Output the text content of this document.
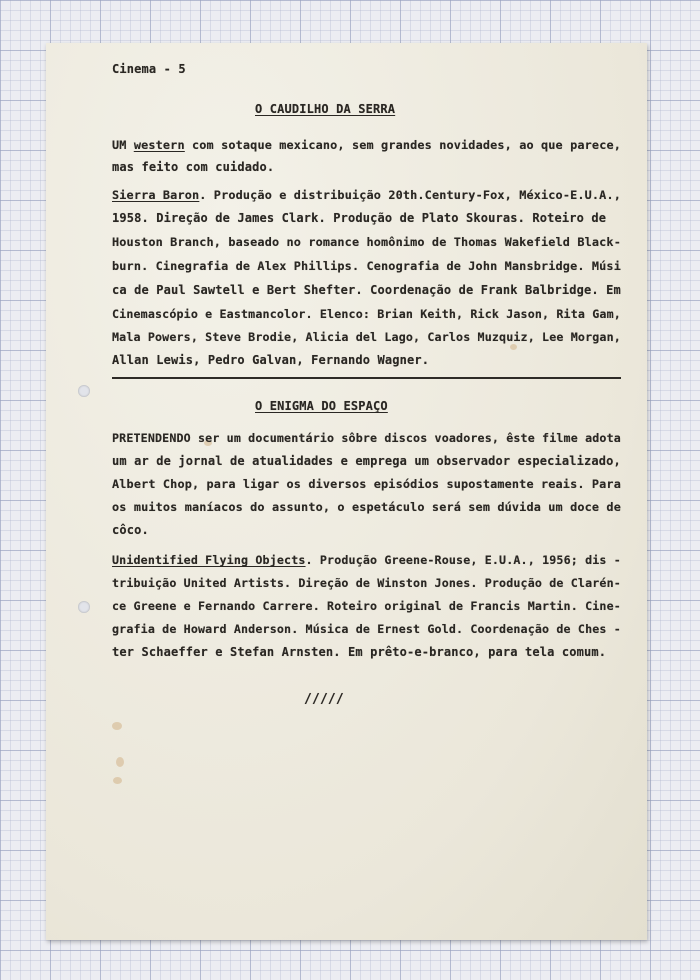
Cinema - 5
O CAUDILHO DA SERRA
UM western com sotaque mexicano, sem grandes novidades, ao que parece,
mas feito com cuidado.
Sierra Baron. Produção e distribuição 20th.Century-Fox, México-E.U.A.,
1958. Direção de James Clark. Produção de Plato Skouras. Roteiro de
Houston Branch, baseado no romance homônimo de Thomas Wakefield Black-
burn. Cinegrafia de Alex Phillips. Cenografia de John Mansbridge. Músi
ca de Paul Sawtell e Bert Shefter. Coordenação de Frank Balbridge. Em
Cinemascópio e Eastmancolor. Elenco: Brian Keith, Rick Jason, Rita Gam,
Mala Powers, Steve Brodie, Alicia del Lago, Carlos Muzquiz, Lee Morgan,
Allan Lewis, Pedro Galvan, Fernando Wagner.
O ENIGMA DO ESPAÇO
PRETENDENDO ser um documentário sôbre discos voadores, êste filme adota
um ar de jornal de atualidades e emprega um observador especializado,
Albert Chop, para ligar os diversos episódios supostamente reais. Para
os muitos maníacos do assunto, o espetáculo será sem dúvida um doce de
côco.
Unidentified Flying Objects. Produção Greene-Rouse, E.U.A., 1956; dis -
tribuição United Artists. Direção de Winston Jones. Produção de Clarén-
ce Greene e Fernando Carrere. Roteiro original de Francis Martin. Cine-
grafia de Howard Anderson. Música de Ernest Gold. Coordenação de Ches -
ter Schaeffer e Stefan Arnsten. Em prêto-e-branco, para tela comum.
/////
